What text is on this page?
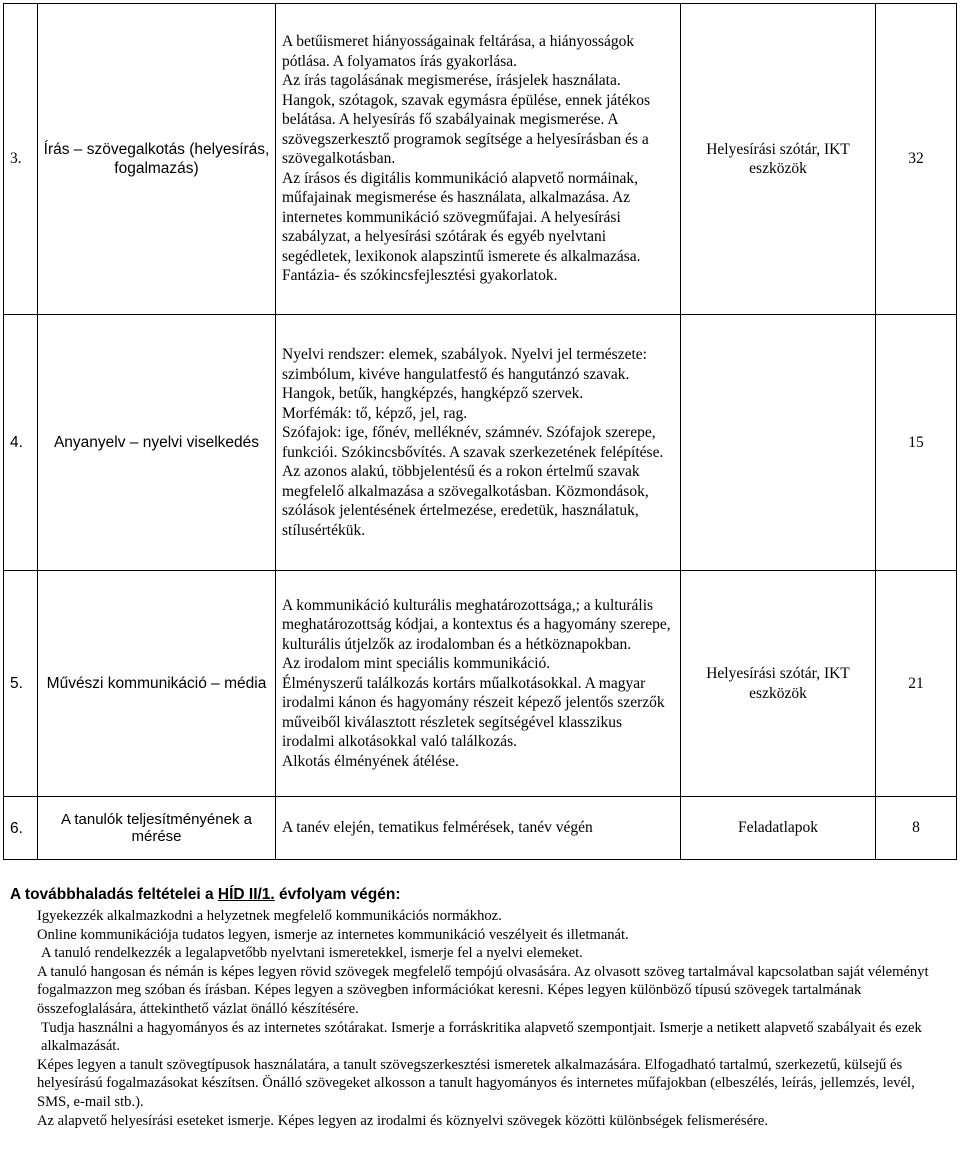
3.	Írás – szövegalkotás (helyesírás, fogalmazás)	A betűismeret hiányosságainak feltárása, a hiányosságok pótlása. A folyamatos írás gyakorlása.
Az írás tagolásának megismerése, írásjelek használata.
Hangok, szótagok, szavak egymásra épülése, ennek játékos belátása. A helyesírás fő szabályainak megismerése. A szövegszerkesztő programok segítsége a helyesírásban és a szövegalkotásban.
Az írásos és digitális kommunikáció alapvető normáinak, műfajainak megismerése és használata, alkalmazása. Az internetes kommunikáció szövegműfajai. A helyesírási szabályzat, a helyesírási szótárak és egyéb nyelvtani segédletek, lexikonok alapszintű ismerete és alkalmazása.
Fantázia- és szókincsfejlesztési gyakorlatok.	Helyesírási szótár, IKT eszközök	32
4.	Anyanyelv – nyelvi viselkedés	Nyelvi rendszer: elemek, szabályok. Nyelvi jel természete: szimbólum, kivéve hangulatfestő és hangutánzó szavak.
Hangok, betűk, hangképzés, hangképző szervek.
Morfémák: tő, képző, jel, rag.
Szófajok: ige, főnév, melléknév, számnév. Szófajok szerepe, funkciói. Szókincsbővítés. A szavak szerkezetének felépítése. Az azonos alakú, többjelentésű és a rokon értelmű szavak megfelelő alkalmazása a szövegalkotásban. Közmondások, szólások jelentésének értelmezése, eredetük, használatuk, stílusértékük.		15
5.	Művészi kommunikáció – média	A kommunikáció kulturális meghatározottsága,; a kulturális meghatározottság kódjai, a kontextus és a hagyomány szerepe, kulturális útjelzők az irodalomban és a hétköznapokban.
Az irodalom mint speciális kommunikáció.
Élményszerű találkozás kortárs műalkotásokkal. A magyar irodalmi kánon és hagyomány részeit képező jelentős szerzők műveiből kiválasztott részletek segítségével klasszikus irodalmi alkotásokkal való találkozás.
Alkotás élményének átélése.	Helyesírási szótár, IKT eszközök	21
6.	A tanulók teljesítményének a mérése	A tanév elején, tematikus felmérések, tanév végén	Feladatlapok	8
A továbbhaladás feltételei a HÍD II/1. évfolyam végén:

Igyekezzék alkalmazkodni a helyzetnek megfelelő kommunikációs normákhoz.

Online kommunikációja tudatos legyen, ismerje az internetes kommunikáció veszélyeit és illetmanát.

A tanuló rendelkezzék a legalapvetőbb nyelvtani ismeretekkel, ismerje fel a nyelvi elemeket.

A tanuló hangosan és némán is képes legyen rövid szövegek megfelelő tempójú olvasására. Az olvasott szöveg tartalmával kapcsolatban saját véleményt fogalmazzon meg szóban és írásban. Képes legyen a szövegben információkat keresni. Képes legyen különböző típusú szövegek tartalmának összefoglalására, áttekinthető vázlat önálló készítésére.

Tudja használni a hagyományos és az internetes szótárakat. Ismerje a forráskritika alapvető szempontjait. Ismerje a netikett alapvető szabályait és ezek alkalmazását.

Képes legyen a tanult szövegtípusok használatára, a tanult szövegszerkesztési ismeretek alkalmazására. Elfogadható tartalmú, szerkezetű, külsejű és helyesírású fogalmazásokat készítsen. Önálló szövegeket alkosson a tanult hagyományos és internetes műfajokban (elbeszélés, leírás, jellemzés, levél, SMS, e-mail stb.).

Az alapvető helyesírási eseteket ismerje. Képes legyen az irodalmi és köznyelvi szövegek közötti különbségek felismerésére.
